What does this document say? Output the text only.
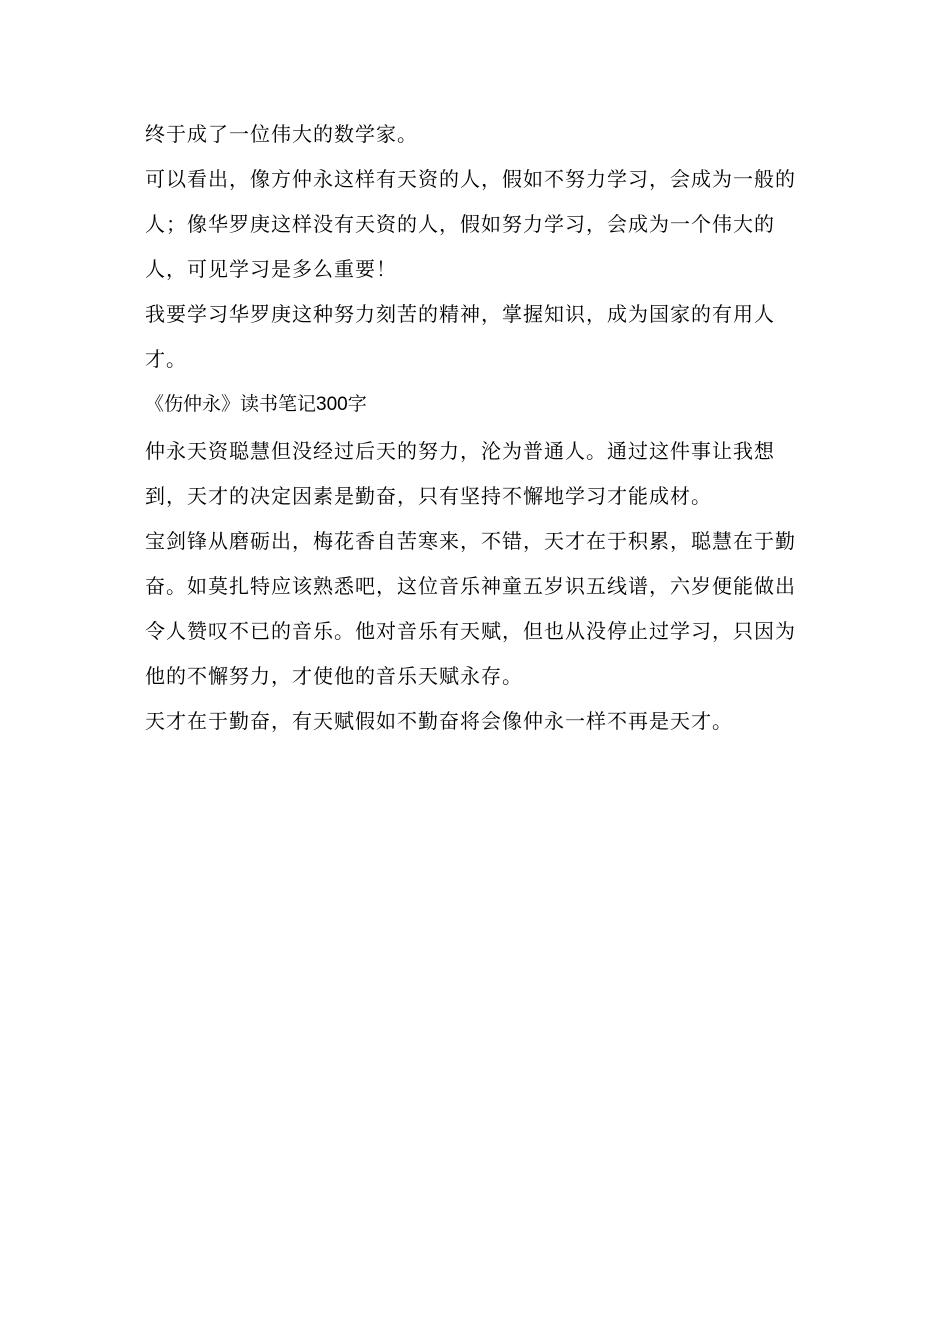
终于成了一位伟大的数学家。

可以看出，像方仲永这样有天资的人，假如不努力学习，会成为一般的人；像华罗庚这样没有天资的人，假如努力学习，会成为一个伟大的人，可见学习是多么重要！

我要学习华罗庚这种努力刻苦的精神，掌握知识，成为国家的有用人才。

《伤仲永》读书笔记300字

仲永天资聪慧但没经过后天的努力，沦为普通人。通过这件事让我想到，天才的决定因素是勤奋，只有坚持不懈地学习才能成材。

宝剑锋从磨砺出，梅花香自苦寒来，不错，天才在于积累，聪慧在于勤奋。如莫扎特应该熟悉吧，这位音乐神童五岁识五线谱，六岁便能做出令人赞叹不已的音乐。他对音乐有天赋，但也从没停止过学习，只因为他的不懈努力，才使他的音乐天赋永存。

天才在于勤奋，有天赋假如不勤奋将会像仲永一样不再是天才。
